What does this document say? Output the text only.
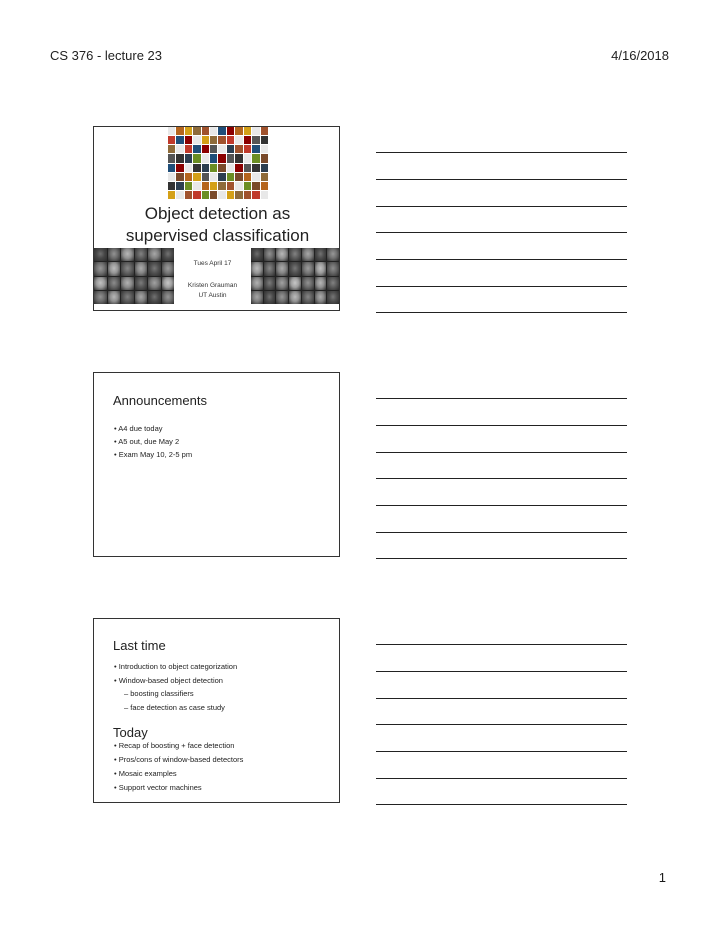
CS 376 - lecture 23	4/16/2018
Object detection as
supervised classification
Tues April 17
Kristen Grauman
UT Austin
Announcements
• A4 due today
• A5 out, due May 2
• Exam May 10, 2-5 pm
Last time
• Introduction to object categorization
• Window-based object detection
– boosting classifiers
– face detection as case study
Today
• Recap of boosting + face detection
• Pros/cons of window-based detectors
• Mosaic examples
• Support vector machines
1
